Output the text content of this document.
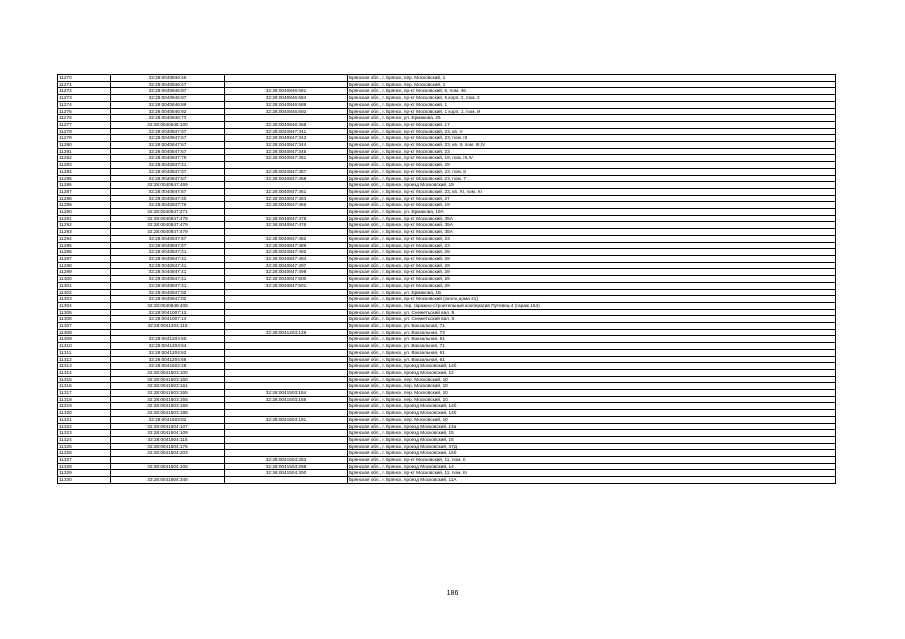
11270	32:28:0040846:45		Брянская обл., г. Брянск, пер. Московский, 1
11271	32:28:0040846:47		Брянская обл., г. Брянск, пер. Московский, 1
11272	32:28:0040846:87	32:28:0040846:681	Брянская обл., г. Брянск, пр-кт Московский, 5, пом. 36
11273	32:28:0040846:87	32:28:0040846:684	Брянская обл., г. Брянск, пр-кт Московский, 5 корп. 2, пом. 2
11274	32:28:0040846:89	32:28:0040846:688	Брянская обл., г. Брянск, пр-кт Московский, 1
11275	32:28:0040846:92	32:28:0040846:692	Брянская обл., г. Брянск, пр-кт Московский, 1 корп. 1, пом. И
11276	32:28:0040846:73		Брянская обл., г. Брянск, ул. Ермакова, 25
11277	32:28:0040846:100	32:28:0040846:368	Брянская обл., г. Брянск, пр-кт Московский, 17
11278	32:28:0040847:67	32:28:0040847:341	Брянская обл., г. Брянск, пр-кт Московский, 23, кв. V
11279	32:28:0040847:67	32:28:0040847:343	Брянская обл., г. Брянск, пр-кт Московский, 23, пом. III
11280	32:28:0040847:67	32:28:0040847:344	Брянская обл., г. Брянск, пр-кт Московский, 23, кв. II, пом. III,IV
11281	32:28:0040847:67	32:28:0040847:346	Брянская обл., г. Брянск, пр-кт Московский, 23
11282	32:28:0040847:76	32:28:0040847:351	Брянская обл., г. Брянск, пр-кт Московский, 19, пом. III,IV
11283	32:28:0040847:41		Брянская обл., г. Брянск, пр-кт Московский, 29
11284	32:28:0040847:67	32:28:0040847:457	Брянская обл., г. Брянск, пр-кт Московский, 23, пом. 8
11285	32:28:0040847:67	32:28:0040847:458	Брянская обл., г. Брянск, пр-кт Московский, 23, пом. 7
11286	32:28:0040847:459		Брянская обл., г. Брянск, проезд Московский, 19
11287	32:28:0040847:67	32:28:0040847:461	Брянская обл., г. Брянск, пр-кт Московский, 23, кв. XI, пом. XI
11288	32:28:0040847:40	32:28:0040847:463	Брянская обл., г. Брянск, пр-кт Московский, 27
11289	32:28:0040847:76	32:28:0040847:466	Брянская обл., г. Брянск, пр-кт Московский, 19
11290	32:28:0040847:471		Брянская обл., г. Брянск, ул. Ермакова, 19А
11291	32:28:0040847:479	32:28:0040847:475	Брянская обл., г. Брянск, пр-кт Московский, 35А
11292	32:28:0040847:479	32:28:0040847:476	Брянская обл., г. Брянск, пр-кт Московский, 35А
11293	32:28:0040847:479		Брянская обл., г. Брянск, пр-кт Московский, 35А
11294	32:28:0040847:67	32:28:0040847:482	Брянская обл., г. Брянск, пр-кт Московский, 23
11295	32:28:0040847:67	32:28:0040847:489	Брянская обл., г. Брянск, пр-кт Московский, 23
11296	32:28:0040847:41	32:28:0040847:492	Брянская обл., г. Брянск, пр-кт Московский, 29
11297	32:28:0040847:41	32:28:0040847:494	Брянская обл., г. Брянск, пр-кт Московский, 29
11298	32:28:0040847:41	32:28:0040847:497	Брянская обл., г. Брянск, пр-кт Московский, 29
11299	32:28:0040847:41	32:28:0040847:498	Брянская обл., г. Брянск, пр-кт Московский, 29
11300	32:28:0040847:41	32:28:0040847:500	Брянская обл., г. Брянск, пр-кт Московский, 29
11301	32:28:0040847:41	32:28:0040847:501	Брянская обл., г. Брянск, пр-кт Московский, 29
11302	32:28:0040847:52		Брянская обл., г. Брянск, ул. Ермакова, 1Б
11303	32:28:0040847:82		Брянская обл., г. Брянск, пр-кт Московский (около дома 21)
11304	32:28:0040848:408		Брянская обл., г. Брянск, тер. гаражно-строительный кооператив Путевец-4 (гараж 154)
11305	32:28:0041007:12		Брянская обл., г. Брянск, ул. Снежетьский вал, 8
11306	32:28:0041007:14		Брянская обл., г. Брянск, ул. Снежетьский вал, 8
11307	32:28:0041204:115		Брянская обл., г. Брянск, ул. Вокзальная, 71
11308		32:28:0041204:126	Брянская обл., г. Брянск, ул. Вокзальная, 73
11309	32:28:0041204:50		Брянская обл., г. Брянск, ул. Вокзальная, 61
11310	32:28:0041204:54		Брянская обл., г. Брянск, ул. Вокзальная, 71
11311	32:28:0041204:62		Брянская обл., г. Брянск, ул. Вокзальная, 61
11312	32:28:0041204:68		Брянская обл., г. Брянск, ул. Вокзальная, 61
11313	32:28:0041502:48		Брянская обл., г. Брянск, проезд Московский, 14б
11314	32:28:0041503:100		Брянская обл., г. Брянск, проезд Московский, 12
11315	32:28:0041503:160		Брянская обл., г. Брянск, пер. Московский, 10
11316	32:28:0041503:161		Брянская обл., г. Брянск, пер. Московский, 10
11317	32:28:0041503:155	32:28:0041503:164	Брянская обл., г. Брянск, пер. Московский, 10
11318	32:28:0041503:155	32:28:0041503:165	Брянская обл., г. Брянск, пер. Московский, 10
11319	32:28:0041503:169		Брянская обл., г. Брянск, проезд Московский, 14б
11320	32:28:0041503:188		Брянская обл., г. Брянск, проезд Московский, 14б
11321	32:28:0041503:82	32:28:0041503:191	Брянская обл., г. Брянск, пер. Московский, 10
11322	32:28:0041504:107		Брянская обл., г. Брянск, проезд Московский, 14а
11323	32:28:0041504:109		Брянская обл., г. Брянск, проезд Московский, 15
11324	32:28:0041504:115		Брянская обл., г. Брянск, проезд Московский, 15
11325	32:28:0041504:176		Брянская обл., г. Брянск, проезд Московский, 47Д
11326	32:28:0041504:203		Брянская обл., г. Брянск, проезд Московский, 15б
11327		32:28:0041504:283	Брянская обл., г. Брянск, пр-кт Московский, 11, пом. II
11328	32:28:0041504:105	32:28:0041504:298	Брянская обл., г. Брянск, проезд Московский, 14
11329		32:28:0041504:300	Брянская обл., г. Брянск, пр-кт Московский, 11, пом. III
11330	32:28:0041504:348		Брянская обл., г. Брянск, проезд Московский, 11А
186
